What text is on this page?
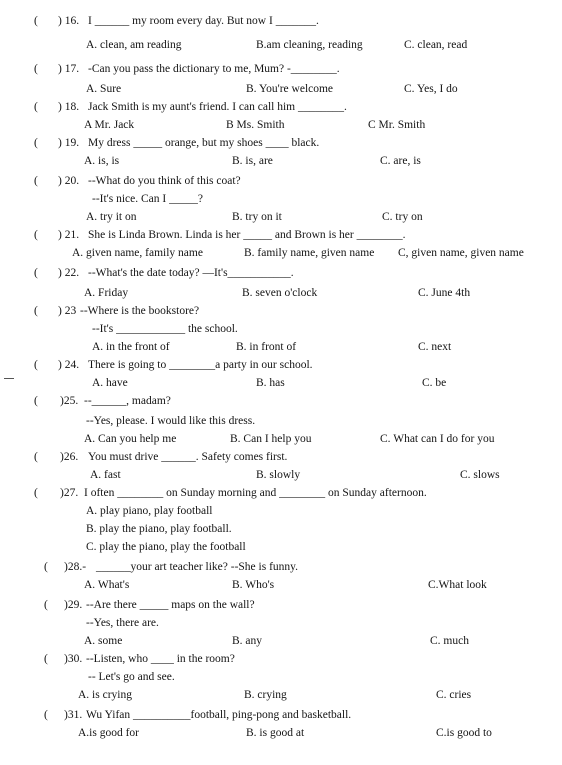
( ) 16. I ______ my room every day. But now I _______.
A. clean, am reading	B.am cleaning, reading	C. clean, read
( ) 17. -Can you pass the dictionary to me, Mum? -________.
A. Sure	B. You're welcome	C. Yes, I do
( ) 18. Jack Smith is my aunt's friend. I can call him ________.
A Mr. Jack	B Ms. Smith	C Mr. Smith
( ) 19. My dress _____ orange, but my shoes ____ black.
A. is, is	B. is, are	C. are, is
( ) 20. --What do you think of this coat?
--It's nice. Can I _____?
A. try it on	B. try on it	C. try on
( ) 21. She is Linda Brown. Linda is her _____ and Brown is her ________.
A. given name, family name	B. family name, given name C, given name, given name
( ) 22. --What's the date today? —It's___________.
A. Friday	B. seven o'clock	C. June 4th
( ) 23 --Where is the bookstore?
--It's ____________ the school.
A. in the front of	B. in front of	C. next
( ) 24. There is going to ________a party in our school.
A. have	B. has	C. be
( )25. --______, madam?
--Yes, please. I would like this dress.
A. Can you help me	B. Can I help you	C. What can I do for you
( )26. You must drive ______. Safety comes first.
A. fast	B. slowly	C. slows
( )27. I often ________ on Sunday morning and ________ on Sunday afternoon.
A. play piano, play football
B. play the piano, play football.
C. play the piano, play the football
( )28.- ______your art teacher like? --She is funny.
A. What's	B. Who's	C.What look
( )29. --Are there _____ maps on the wall?
--Yes, there are.
A. some	B. any	C. much
( )30. --Listen, who ____ in the room?
-- Let's go and see.
A. is crying	B. crying	C. cries
( )31. Wu Yifan __________football, ping-pong and basketball.
A.is good for	B. is good at	C.is good to
